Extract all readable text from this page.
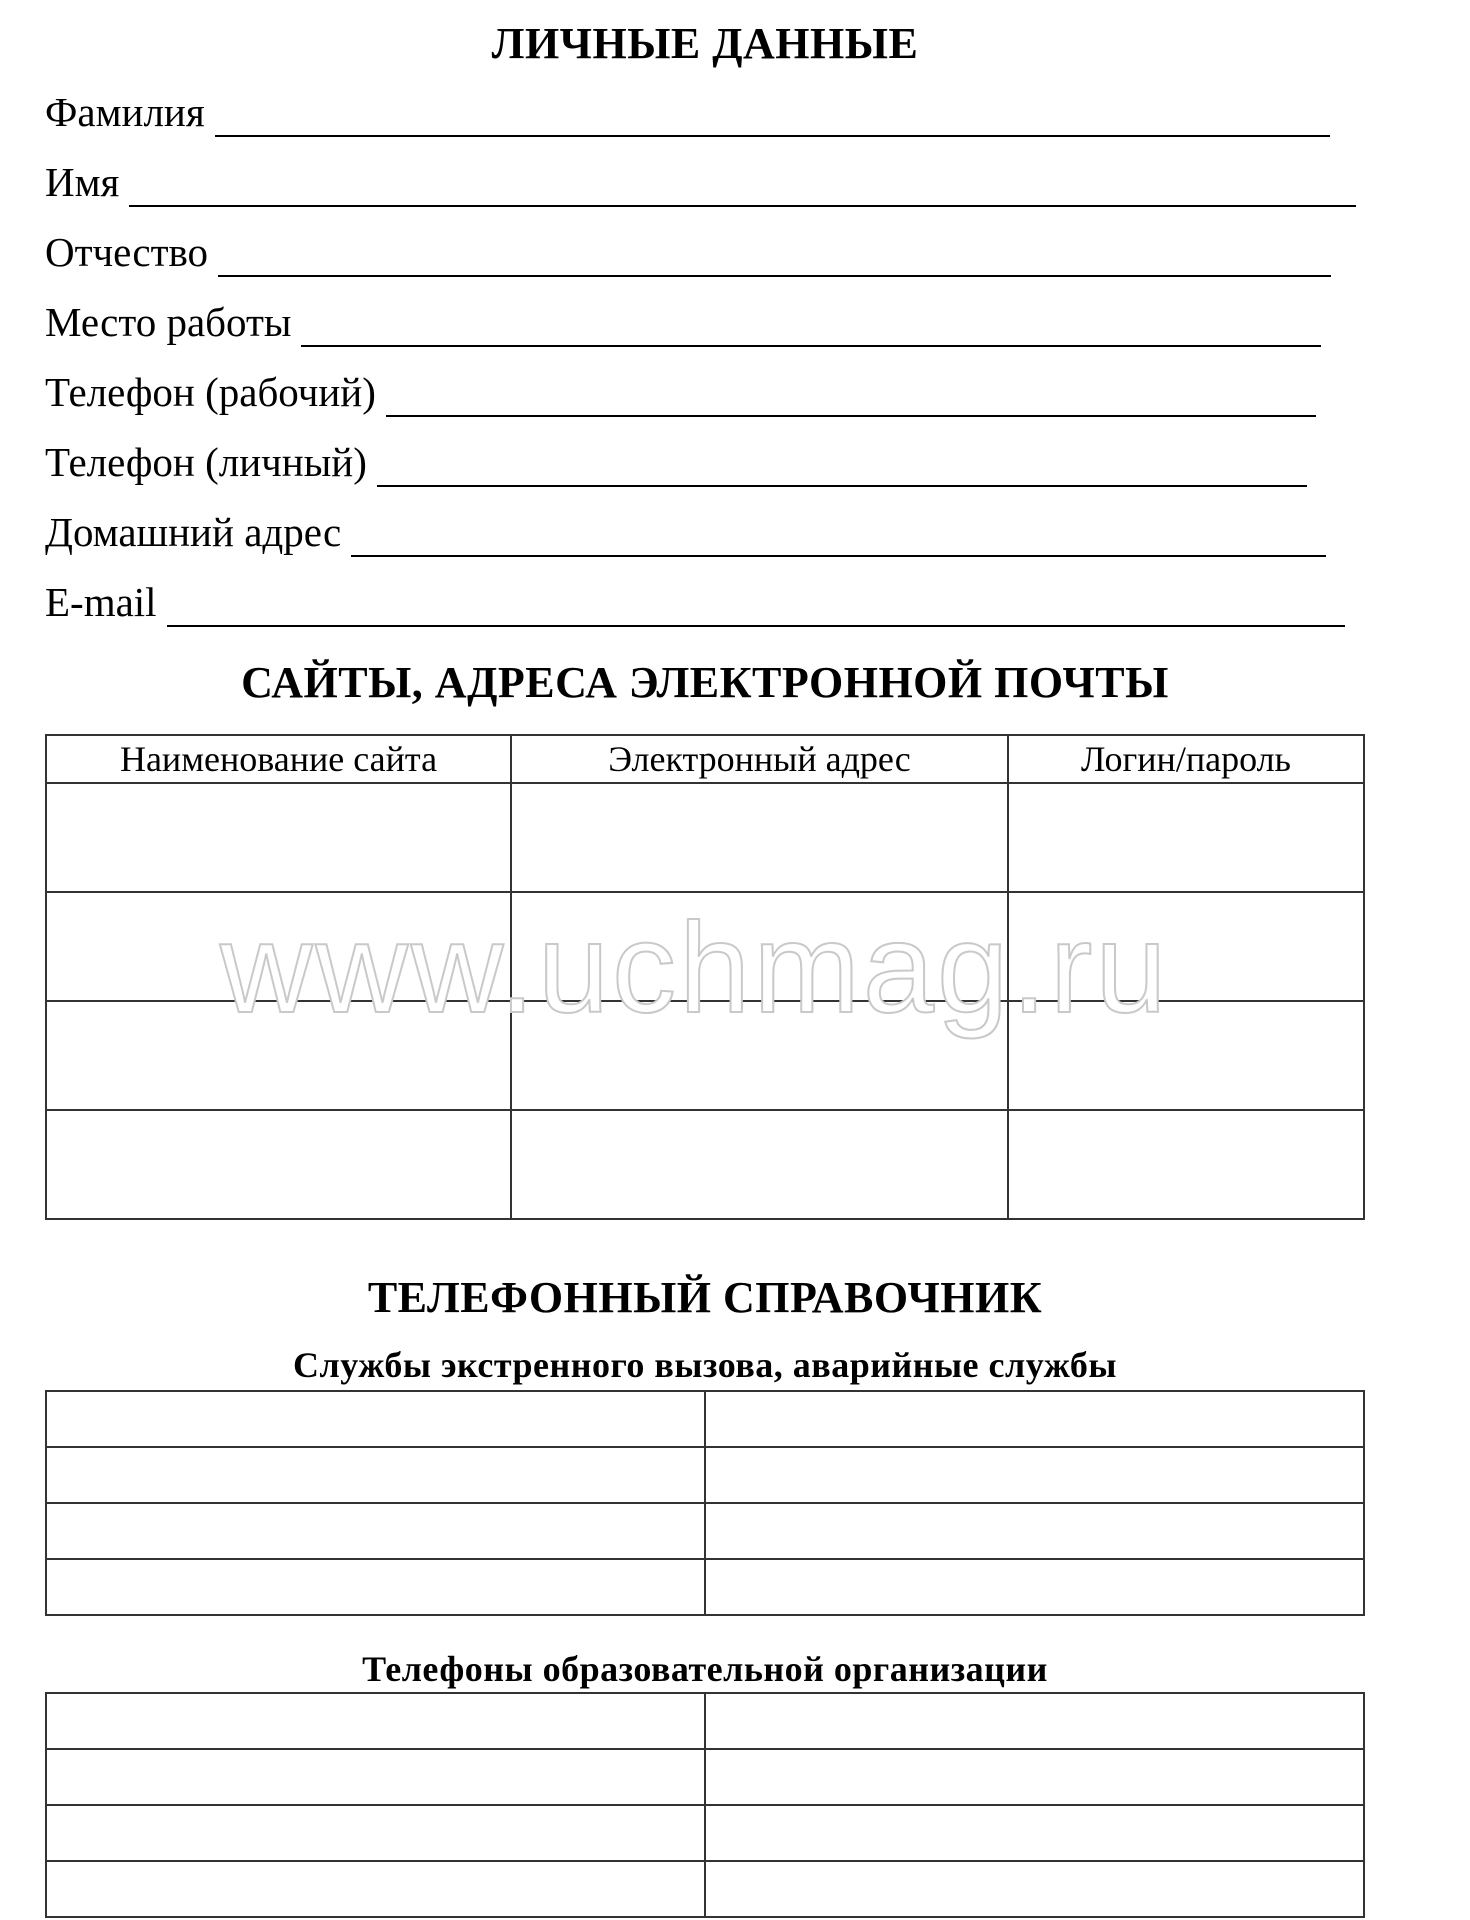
ЛИЧНЫЕ ДАННЫЕ
Фамилия
Имя
Отчество
Место работы
Телефон (рабочий)
Телефон (личный)
Домашний адрес
E-mail
САЙТЫ, АДРЕСА ЭЛЕКТРОННОЙ ПОЧТЫ
Наименование сайта	Электронный адрес	Логин/пароль

www.uchmag.ru
ТЕЛЕФОННЫЙ СПРАВОЧНИК
Службы экстренного вызова, аварийные службы

Телефоны образовательной организации
